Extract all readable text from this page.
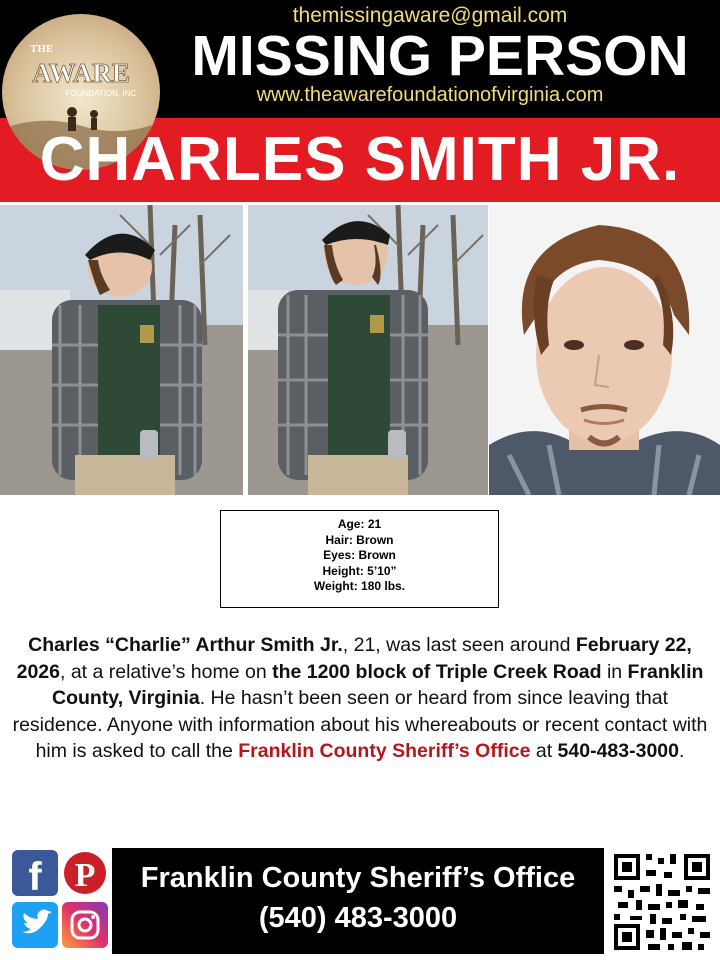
THE
AWARE
FOUNDATION, INC.
themissingaware@gmail.com
MISSING PERSON
www.theawarefoundationofvirginia.com
CHARLES SMITH JR.
Age: 21
Hair: Brown
Eyes: Brown
Height: 5’10”
Weight: 180 lbs.
Charles “Charlie” Arthur Smith Jr., 21, was last seen around February 22, 2026, at a relative’s home on the 1200 block of Triple Creek Road in Franklin County, Virginia. He hasn’t been seen or heard from since leaving that residence. Anyone with information about his whereabouts or recent contact with him is asked to call the Franklin County Sheriff’s Office at 540-483-3000.
f P	Franklin County Sheriff’s Office
(540) 483-3000
